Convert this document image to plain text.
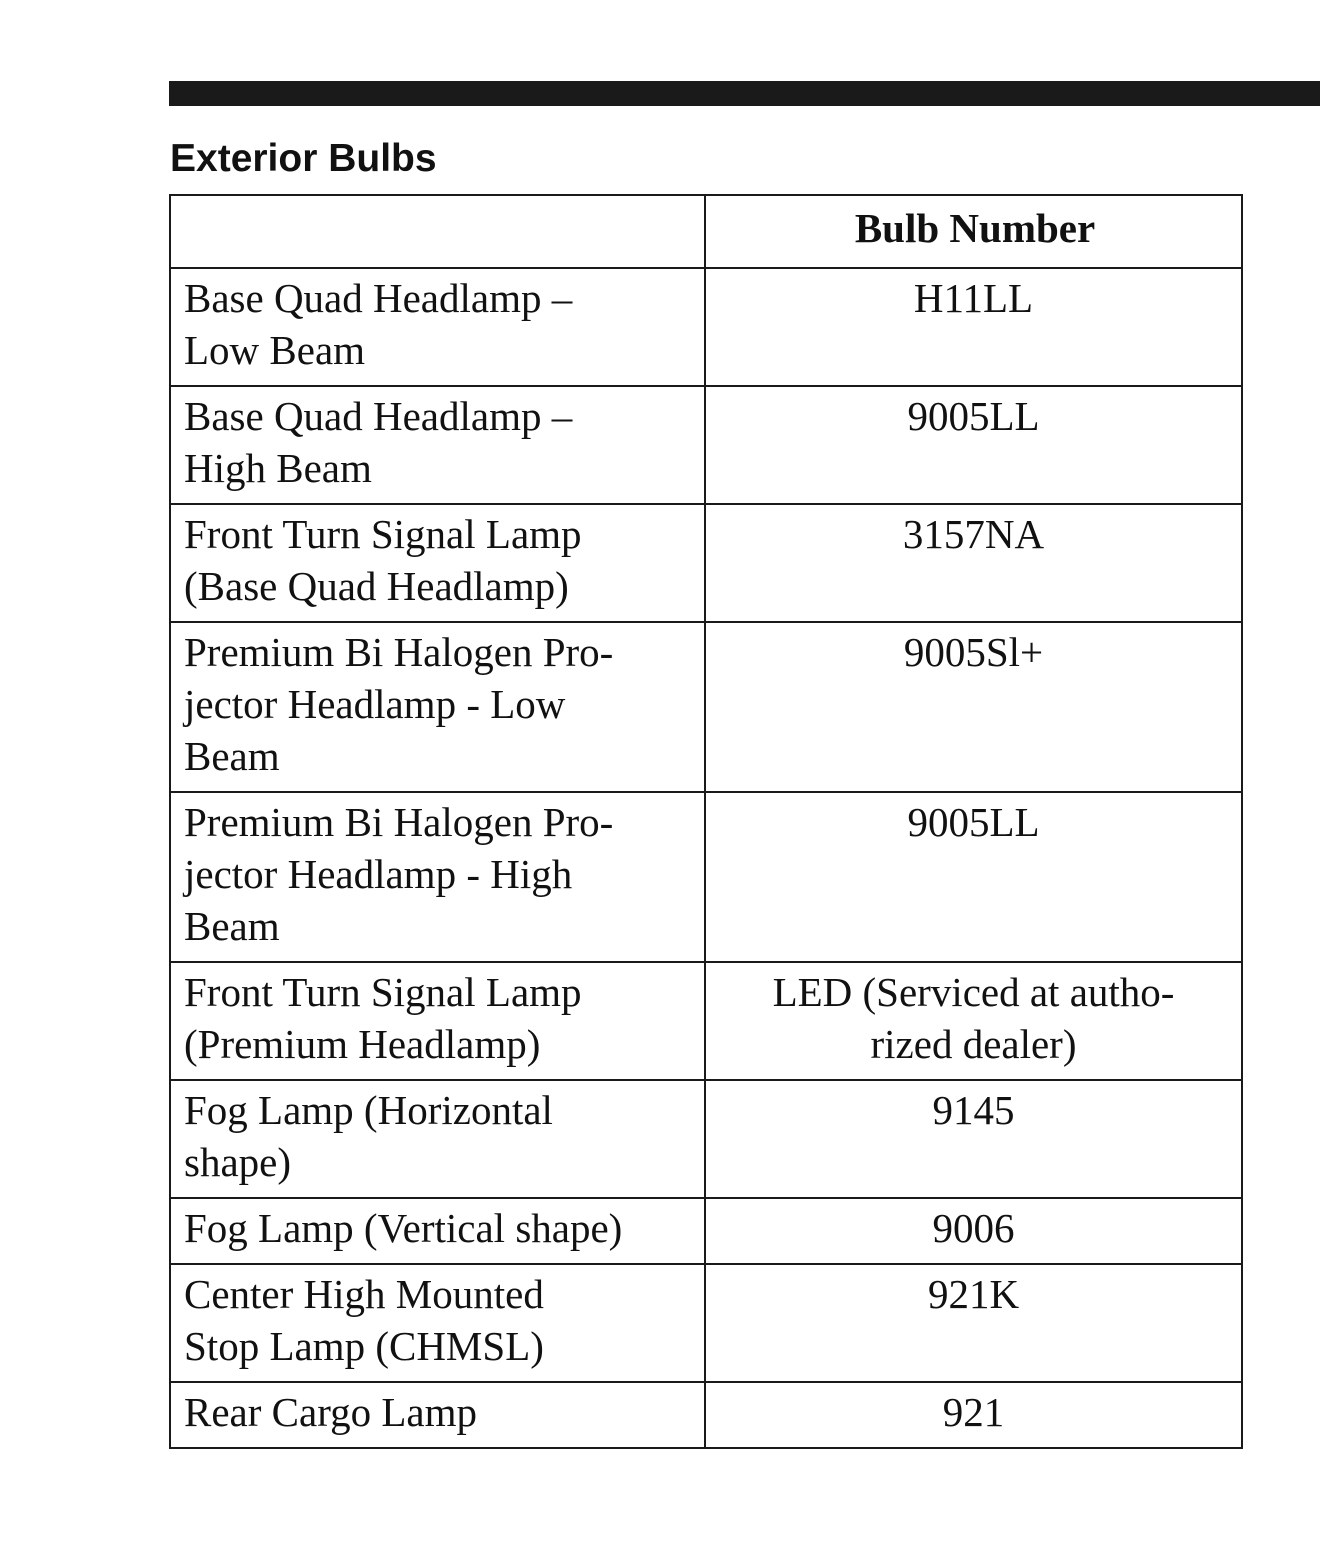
Exterior Bulbs
	Bulb Number
Base Quad Headlamp –
Low Beam	H11LL
Base Quad Headlamp –
High Beam	9005LL
Front Turn Signal Lamp
(Base Quad Headlamp)	3157NA
Premium Bi Halogen Pro-
jector Headlamp - Low
Beam	9005Sl+
Premium Bi Halogen Pro-
jector Headlamp - High
Beam	9005LL
Front Turn Signal Lamp
(Premium Headlamp)	LED (Serviced at autho-
rized dealer)
Fog Lamp (Horizontal
shape)	9145
Fog Lamp (Vertical shape)	9006
Center High Mounted
Stop Lamp (CHMSL)	921K
Rear Cargo Lamp	921
